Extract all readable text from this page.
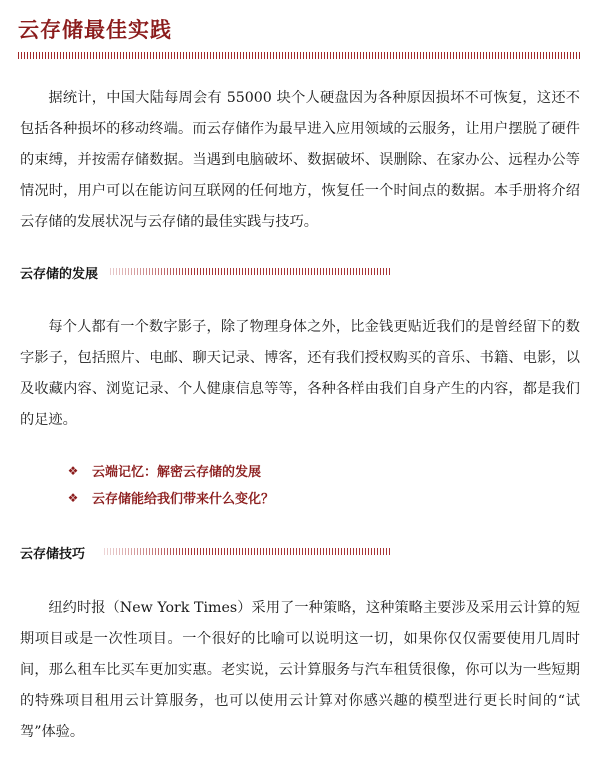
云存储最佳实践

据统计，中国大陆每周会有 55000 块个人硬盘因为各种原因损坏不可恢复，这还不包括各种损坏的移动终端。而云存储作为最早进入应用领域的云服务，让用户摆脱了硬件的束缚，并按需存储数据。当遇到电脑破坏、数据破坏、误删除、在家办公、远程办公等情况时，用户可以在能访问互联网的任何地方，恢复任一个时间点的数据。本手册将介绍云存储的发展状况与云存储的最佳实践与技巧。

云存储的发展

每个人都有一个数字影子，除了物理身体之外，比金钱更贴近我们的是曾经留下的数字影子，包括照片、电邮、聊天记录、博客，还有我们授权购买的音乐、书籍、电影，以及收藏内容、浏览记录、个人健康信息等等，各种各样由我们自身产生的内容，都是我们的足迹。

❖ 云端记忆：解密云存储的发展
❖ 云存储能给我们带来什么变化？
云存储技巧

纽约时报（New York Times）采用了一种策略，这种策略主要涉及采用云计算的短期项目或是一次性项目。一个很好的比喻可以说明这一切，如果你仅仅需要使用几周时间，那么租车比买车更加实惠。老实说，云计算服务与汽车租赁很像，你可以为一些短期的特殊项目租用云计算服务，也可以使用云计算对你感兴趣的模型进行更长时间的“试驾”体验。
